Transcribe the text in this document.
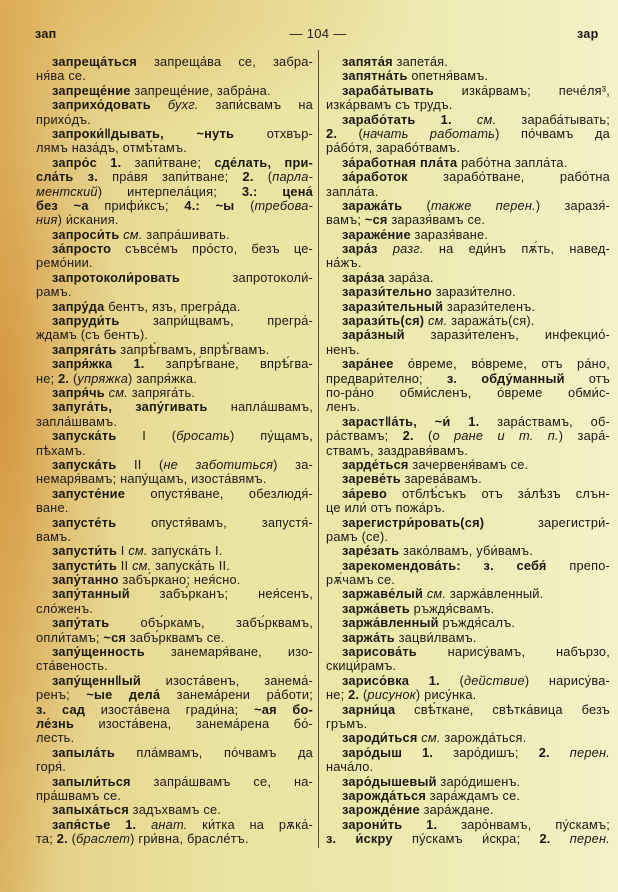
зап	— 104 —	зар
запреща́ться запреща́ва се, забра-
ня́ва се.
запреще́ние запреще́ние, забра́на.
заприхо́довать бухг. запи́свамъ на
прихо́дъ.
запроки́‖дывать, ~нуть отхвър-
лямъ наза́дъ, отмѣ́тамъ.
запро́с 1. запи́тване; сде́лать, при-
сла́ть з. пра́вя запи́тване; 2. (парла-
ментский) интерпела́ция; 3.: цена́
без ~а прифи́ксъ; 4.: ~ы (требова-
ния) и́скания.
запроси́ть см. запра́шивать.
за́просто съвсе́мъ про́сто, безъ це-
ремо́нии.
запротоколи́ровать запротоколи́-
рамъ.
запру́да бентъ, язъ, прегра́да.
запруди́ть запри́щвамъ, прегра́-
ждамъ (съ бентъ).
запряга́ть запрѣ́гвамъ, впрѣ́гвамъ.
запря́жка 1. запрѣ́гване, впрѣ́гва-
не; 2. (упряжка) запря́жка.
запря́чь см. запряга́ть.
запуга́ть, запу́гивать напла́швамъ,
запла́швамъ.
запуска́ть I (бросать) пу́щамъ,
пѣхамъ.
запуска́ть II (не заботиться) за-
немаря́вамъ; напу́щамъ, изоста́вямъ.
запусте́ние опустя́ване, обезлюдя́-
ване.
запусте́ть опустя́вамъ, запустя́-
вамъ.
запусти́ть I см. запуска́ть I.
запусти́ть II см. запуска́ть II.
запу́танно забъ́ркано; нея́сно.
запу́танный забъ́рканъ; нея́сенъ,
сло́женъ.
запу́тать объ́ркамъ, забъ́рквамъ,
опли́тамъ; ~ся забъ́рквамъ се.
запу́щенность занемаря́ване, изо-
ста́веность.
запу́щенн‖ый изоста́венъ, занема́-
ренъ; ~ые дела́ занема́рени ра́боти;
з. сад изоста́вена гради́на; ~ая бо-
ле́знь изоста́вена, занема́рена бо́-
лесть.
запыла́ть пла́мвамъ, по́чвамъ да
горя́.
запыли́ться запра́швамъ се, на-
пра́швамъ се.
запыха́ться задъхвамъ се.
запя́стье 1. анат. ки́тка на рѫка́-
та; 2. (браслет) гри́вна, брасле́тъ.
запята́я запета́я.
запятна́ть опетня́вамъ.
зараба́тывать изка́рвамъ; пече́ля³,
изка́рвамъ съ трудъ.
зарабо́тать 1. см. зараба́тывать;
2. (начать работать) по́чвамъ да
ра́бо́тя, зарабо́твамъ.
за́работная пла́та рабо́тна запла́та.
за́работок зарабо́тване, рабо́тна
запла́та.
заража́ть (также перен.) заразя́-
вамъ; ~ся заразя́вамъ се.
зараже́ние заразя́ване.
зара́з разг. на еди́нъ пѫ́ть, навед-
на́жъ.
зара́за зара́за.
зарази́тельно зарази́телно.
зарази́тельный зарази́теленъ.
зарази́ть(ся) см. заража́ть(ся).
зара́зный зарази́теленъ, инфекцио́-
ненъ.
зара́нее о́време, во́време, отъ ра́но,
предвари́телно; з. обду́манный отъ
по-ра́но обми́сленъ, о́време обми́с-
ленъ.
зараст‖а́ть, ~и́ 1. зара́ствамъ, об-
ра́ствамъ; 2. (о ране и т. п.) зара́-
ствамъ, заздравя́вамъ.
зарде́ться зачервеня́вамъ се.
зареве́ть зарева́вамъ.
за́рево отблѣ́съкъ отъ за́лѣзъ слън-
це или́ отъ пожа́ръ.
зарегистри́ровать(ся) зарегистри́-
рамъ (се).
заре́зать зако́лвамъ, уби́вамъ.
зарекомендова́ть: з. себя́ препо-
рѫ́чамъ се.
заржаве́лый см. заржа́вленный.
заржа́веть ръждя́свамъ.
заржа́вленный ръждя́салъ.
заржа́ть зацви́лвамъ.
зарисова́ть нарису́вамъ, набързо,
скици́рамъ.
зарисо́вка 1. (действие) нарису́ва-
не; 2. (рисунок) рису́нка.
зарни́ца свѣ́ткане, свѣтка́вица безъ
гръмъ.
зароди́ться см. зарожда́ться.
заро́дыш 1. заро́дишъ; 2. перен.
нача́ло.
заро́дышевый заро́дишенъ.
зарожда́ться зара́ждамъ се.
зарожде́ние зара́ждане.
зарони́ть 1. заро́нвамъ, пу́скамъ;
з. и́скру пу́скамъ и́скра; 2. перен.
